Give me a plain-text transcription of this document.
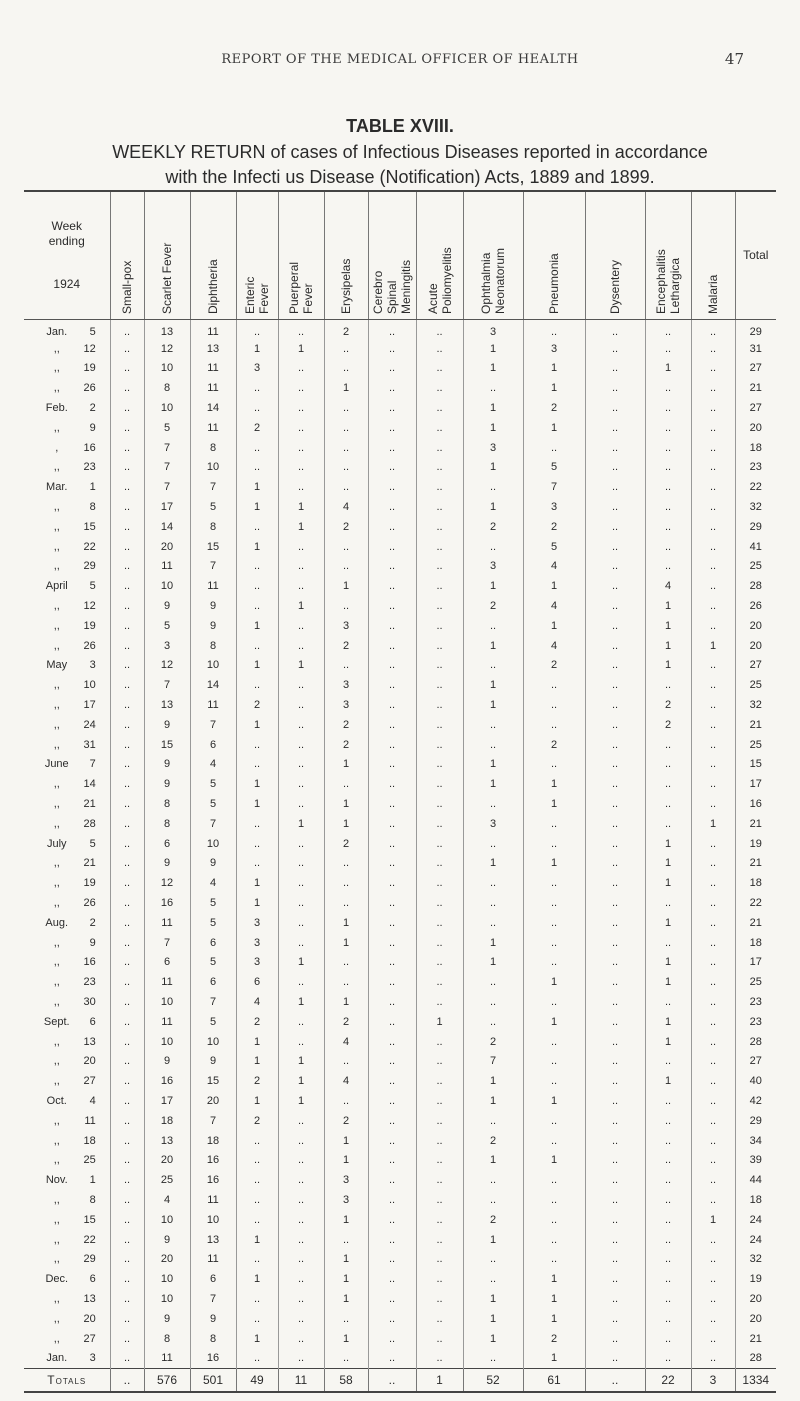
REPORT OF THE MEDICAL OFFICER OF HEALTH	47
TABLE XVIII.
WEEKLY RETURN of cases of Infectious Diseases reported in accordance
with the Infecti us Disease (Notification) Acts, 1889 and 1899.
Week
ending
1924	Small-pox	Scarlet Fever	Diphtheria	Enteric
Fever	Puerperal
Fever	Erysipelas	Cerebro
Spinal
Meningitis	Acute
Poliomyelitis	Ophthalmia
Neonatorum	Pneumonia	Dysentery	Encephalitis
Lethargica	Malaria	Total

Jan. 5	..	13	11	..	..	2	..	..	3	..	..	..	..	29
,, 12	..	12	13	1	1	..	..	..	1	3	..	..	..	31
,, 19	..	10	11	3	..	..	..	..	1	1	..	1	..	27
,, 26	..	8	11	..	..	1	..	..	..	1	..	..	..	21
Feb. 2	..	10	14	..	..	..	..	..	1	2	..	..	..	27
,, 9	..	5	11	2	..	..	..	..	1	1	..	..	..	20
, 16	..	7	8	..	..	..	..	..	3	..	..	..	..	18
,, 23	..	7	10	..	..	..	..	..	1	5	..	..	..	23
Mar. 1	..	7	7	1	..	..	..	..	..	7	..	..	..	22
,, 8	..	17	5	1	1	4	..	..	1	3	..	..	..	32
,, 15	..	14	8	..	1	2	..	..	2	2	..	..	..	29
,, 22	..	20	15	1	..	..	..	..	..	5	..	..	..	41
,, 29	..	11	7	..	..	..	..	..	3	4	..	..	..	25
April 5	..	10	11	..	..	1	..	..	1	1	..	4	..	28
,, 12	..	9	9	..	1	..	..	..	2	4	..	1	..	26
,, 19	..	5	9	1	..	3	..	..	..	1	..	1	..	20
,, 26	..	3	8	..	..	2	..	..	1	4	..	1	1	20
May 3	..	12	10	1	1	..	..	..	..	2	..	1	..	27
,, 10	..	7	14	..	..	3	..	..	1	..	..	..	..	25
,, 17	..	13	11	2	..	3	..	..	1	..	..	2	..	32
,, 24	..	9	7	1	..	2	..	..	..	..	..	2	..	21
,, 31	..	15	6	..	..	2	..	..	..	2	..	..	..	25
June 7	..	9	4	..	..	1	..	..	1	..	..	..	..	15
,, 14	..	9	5	1	..	..	..	..	1	1	..	..	..	17
,, 21	..	8	5	1	..	1	..	..	..	1	..	..	..	16
,, 28	..	8	7	..	1	1	..	..	3	..	..	..	1	21
July 5	..	6	10	..	..	2	..	..	..	..	..	1	..	19
,, 21	..	9	9	..	..	..	..	..	1	1	..	1	..	21
,, 19	..	12	4	1	..	..	..	..	..	..	..	1	..	18
,, 26	..	16	5	1	..	..	..	..	..	..	..	..	..	22
Aug. 2	..	11	5	3	..	1	..	..	..	..	..	1	..	21
,, 9	..	7	6	3	..	1	..	..	1	..	..	..	..	18
,, 16	..	6	5	3	1	..	..	..	1	..	..	1	..	17
,, 23	..	11	6	6	..	..	..	..	..	1	..	1	..	25
,, 30	..	10	7	4	1	1	..	..	..	..	..	..	..	23
Sept. 6	..	11	5	2	..	2	..	1	..	1	..	1	..	23
,, 13	..	10	10	1	..	4	..	..	2	..	..	1	..	28
,, 20	..	9	9	1	1	..	..	..	7	..	..	..	..	27
,, 27	..	16	15	2	1	4	..	..	1	..	..	1	..	40
Oct. 4	..	17	20	1	1	..	..	..	1	1	..	..	..	42
,, 11	..	18	7	2	..	2	..	..	..	..	..	..	..	29
,, 18	..	13	18	..	..	1	..	..	2	..	..	..	..	34
,, 25	..	20	16	..	..	1	..	..	1	1	..	..	..	39
Nov. 1	..	25	16	..	..	3	..	..	..	..	..	..	..	44
,, 8	..	4	11	..	..	3	..	..	..	..	..	..	..	18
,, 15	..	10	10	..	..	1	..	..	2	..	..	..	1	24
,, 22	..	9	13	1	..	..	..	..	1	..	..	..	..	24
,, 29	..	20	11	..	..	1	..	..	..	..	..	..	..	32
Dec. 6	..	10	6	1	..	1	..	..	..	1	..	..	..	19
,, 13	..	10	7	..	..	1	..	..	1	1	..	..	..	20
,, 20	..	9	9	..	..	..	..	..	1	1	..	..	..	20
,, 27	..	8	8	1	..	1	..	..	1	2	..	..	..	21
Jan. 3	..	11	16	..	..	..	..	..	..	1	..	..	..	28
Totals	..	576	501	49	11	58	..	1	52	61	..	22	3	1334
